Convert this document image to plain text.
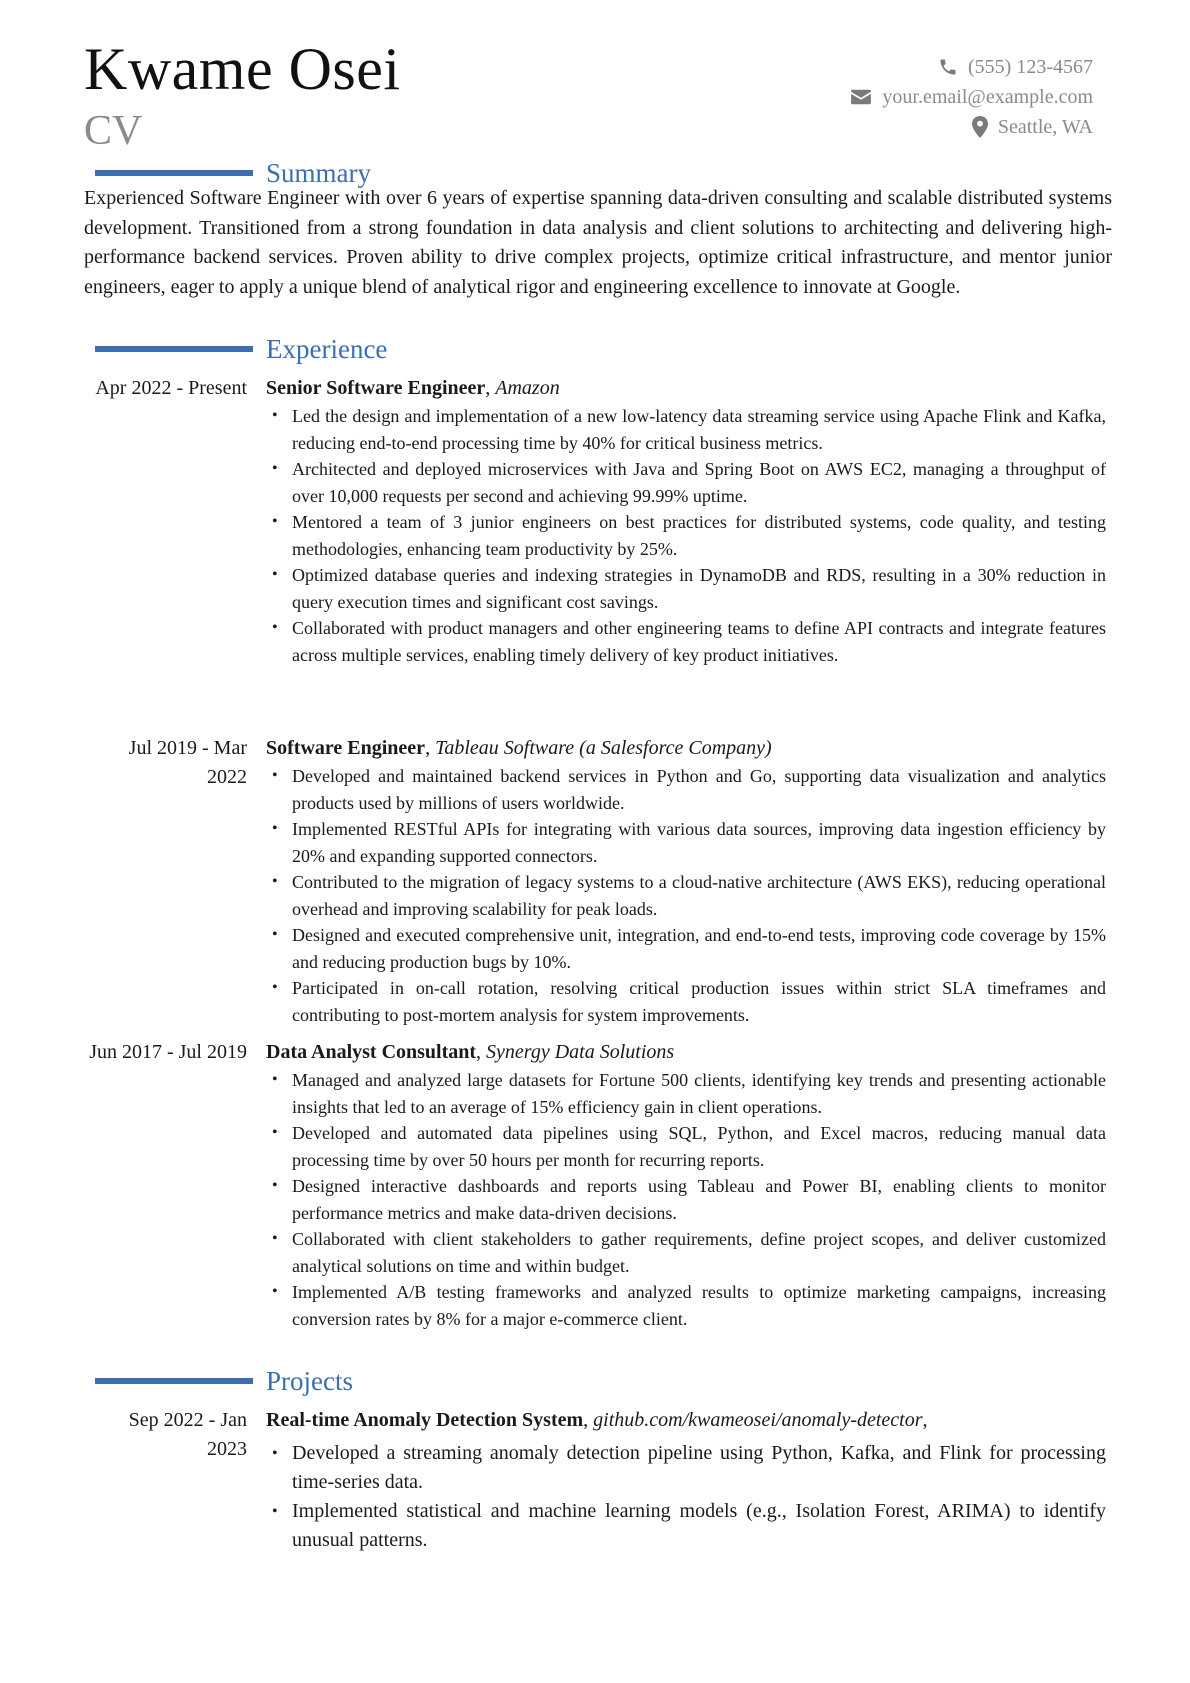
Kwame Osei
CV
(555) 123-4567
your.email@example.com
Seattle, WA
Summary
Experienced Software Engineer with over 6 years of expertise spanning data-driven consulting and scalable distributed systems development. Transitioned from a strong foundation in data analysis and client solutions to architecting and delivering high-performance backend services. Proven ability to drive complex projects, optimize critical infrastructure, and mentor junior engineers, eager to apply a unique blend of analytical rigor and engineering excellence to innovate at Google.
Experience
Apr 2022 - Present Senior Software Engineer, Amazon
• Led the design and implementation of a new low-latency data streaming service using Apache Flink and Kafka, reducing end-to-end processing time by 40% for critical business metrics.
• Architected and deployed microservices with Java and Spring Boot on AWS EC2, managing a throughput of over 10,000 requests per second and achieving 99.99% uptime.
• Mentored a team of 3 junior engineers on best practices for distributed systems, code quality, and testing methodologies, enhancing team productivity by 25%.
• Optimized database queries and indexing strategies in DynamoDB and RDS, resulting in a 30% reduction in query execution times and significant cost savings.
• Collaborated with product managers and other engineering teams to define API contracts and integrate features across multiple services, enabling timely delivery of key product initiatives.
Jul 2019 - Mar 2022
Software Engineer, Tableau Software (a Salesforce Company)
• Developed and maintained backend services in Python and Go, supporting data visualization and analytics products used by millions of users worldwide.
• Implemented RESTful APIs for integrating with various data sources, improving data ingestion efficiency by 20% and expanding supported connectors.
• Contributed to the migration of legacy systems to a cloud-native architecture (AWS EKS), reducing operational overhead and improving scalability for peak loads.
• Designed and executed comprehensive unit, integration, and end-to-end tests, improving code coverage by 15% and reducing production bugs by 10%.
• Participated in on-call rotation, resolving critical production issues within strict SLA timeframes and contributing to post-mortem analysis for system improvements.
Jun 2017 - Jul 2019 Data Analyst Consultant, Synergy Data Solutions
• Managed and analyzed large datasets for Fortune 500 clients, identifying key trends and presenting actionable insights that led to an average of 15% efficiency gain in client operations.
• Developed and automated data pipelines using SQL, Python, and Excel macros, reducing manual data processing time by over 50 hours per month for recurring reports.
• Designed interactive dashboards and reports using Tableau and Power BI, enabling clients to monitor performance metrics and make data-driven decisions.
• Collaborated with client stakeholders to gather requirements, define project scopes, and deliver customized analytical solutions on time and within budget.
• Implemented A/B testing frameworks and analyzed results to optimize marketing campaigns, increasing conversion rates by 8% for a major e-commerce client.
Projects
Sep 2022 - Jan 2023
Real-time Anomaly Detection System, github.com/kwameosei/anomaly-detector,
• Developed a streaming anomaly detection pipeline using Python, Kafka, and Flink for processing time-series data.
• Implemented statistical and machine learning models (e.g., Isolation Forest, ARIMA) to identify unusual patterns.
